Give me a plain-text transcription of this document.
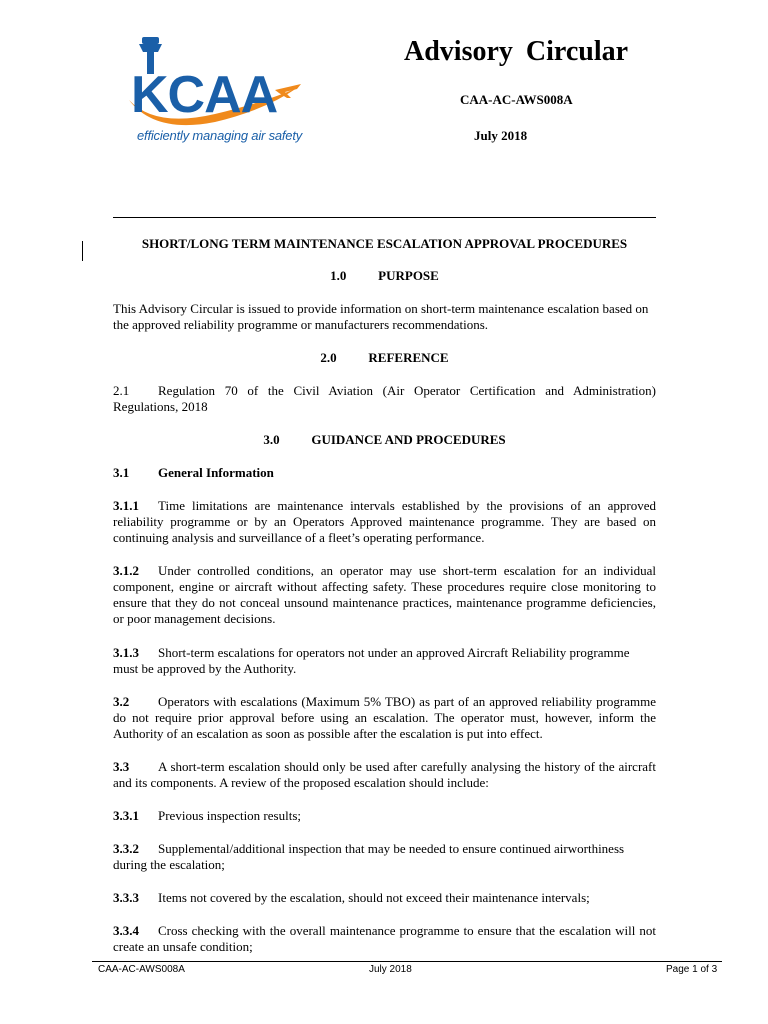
KCAA
efficiently managing air safety
Advisory Circular
CAA-AC-AWS008A
July 2018
SHORT/LONG TERM MAINTENANCE ESCALATION APPROVAL PROCEDURES
1.0 PURPOSE
This Advisory Circular is issued to provide information on short-term maintenance escalation based on the approved reliability programme or manufacturers recommendations.
2.0 REFERENCE
2.1 Regulation 70 of the Civil Aviation (Air Operator Certification and Administration) Regulations, 2018
3.0 GUIDANCE AND PROCEDURES
3.1 General Information
3.1.1 Time limitations are maintenance intervals established by the provisions of an approved reliability programme or by an Operators Approved maintenance programme. They are based on continuing analysis and surveillance of a fleet’s operating performance.
3.1.2 Under controlled conditions, an operator may use short-term escalation for an individual component, engine or aircraft without affecting safety. These procedures require close monitoring to ensure that they do not conceal unsound maintenance practices, maintenance programme deficiencies, or poor management decisions.
3.1.3 Short-term escalations for operators not under an approved Aircraft Reliability programme must be approved by the Authority.
3.2 Operators with escalations (Maximum 5% TBO) as part of an approved reliability programme do not require prior approval before using an escalation. The operator must, however, inform the Authority of an escalation as soon as possible after the escalation is put into effect.
3.3 A short-term escalation should only be used after carefully analysing the history of the aircraft and its components. A review of the proposed escalation should include:
3.3.1 Previous inspection results;
3.3.2 Supplemental/additional inspection that may be needed to ensure continued airworthiness during the escalation;
3.3.3 Items not covered by the escalation, should not exceed their maintenance intervals;
3.3.4 Cross checking with the overall maintenance programme to ensure that the escalation will not create an unsafe condition;
CAA-AC-AWS008A	July 2018	Page 1 of 3
